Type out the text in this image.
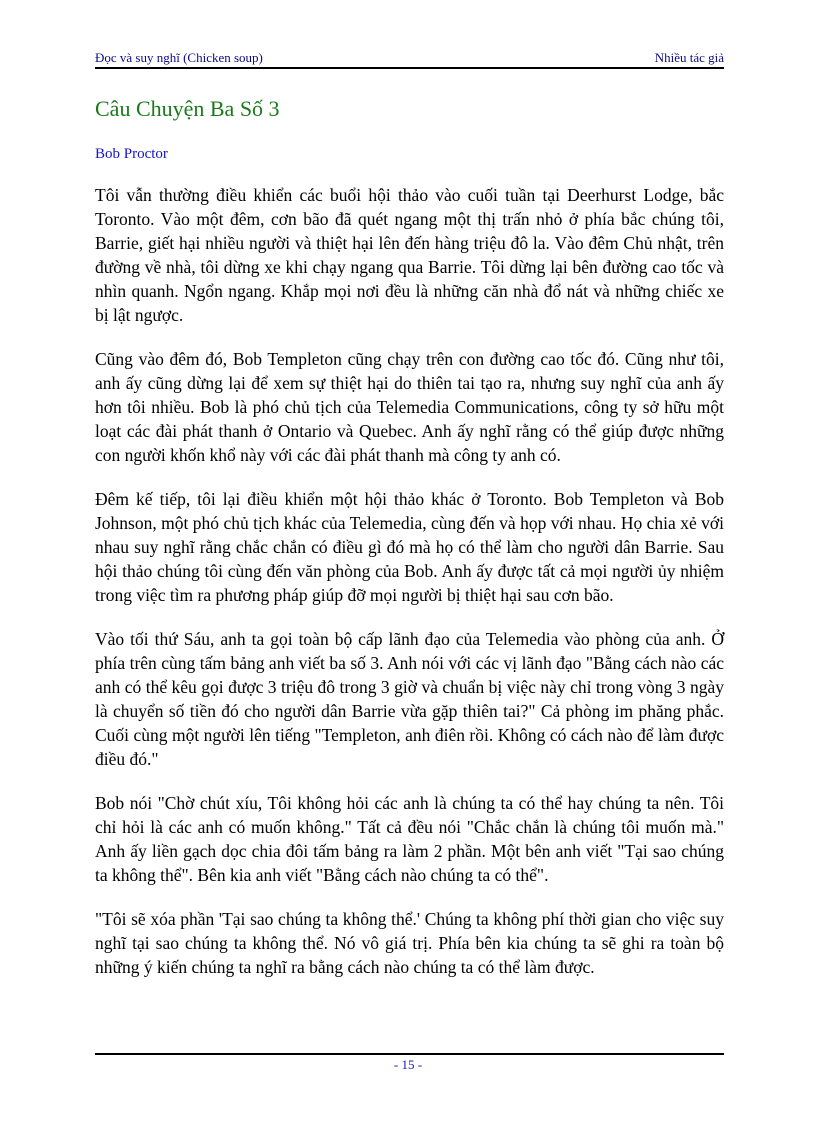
Đọc và suy nghĩ (Chicken soup)	Nhiều tác giả
Câu Chuyện Ba Số 3

Bob Proctor

Tôi vẫn thường điều khiển các buổi hội thảo vào cuối tuần tại Deerhurst Lodge, bắc Toronto. Vào một đêm, cơn bão đã quét ngang một thị trấn nhỏ ở phía bắc chúng tôi, Barrie, giết hại nhiều người và thiệt hại lên đến hàng triệu đô la. Vào đêm Chủ nhật, trên đường về nhà, tôi dừng xe khi chạy ngang qua Barrie. Tôi dừng lại bên đường cao tốc và nhìn quanh. Ngổn ngang. Khắp mọi nơi đều là những căn nhà đổ nát và những chiếc xe bị lật ngược.

Cũng vào đêm đó, Bob Templeton cũng chạy trên con đường cao tốc đó. Cũng như tôi, anh ấy cũng dừng lại để xem sự thiệt hại do thiên tai tạo ra, nhưng suy nghĩ của anh ấy hơn tôi nhiều. Bob là phó chủ tịch của Telemedia Communications, công ty sở hữu một loạt các đài phát thanh ở Ontario và Quebec. Anh ấy nghĩ rằng có thể giúp được những con người khốn khổ này với các đài phát thanh mà công ty anh có.

Đêm kế tiếp, tôi lại điều khiển một hội thảo khác ở Toronto. Bob Templeton và Bob Johnson, một phó chủ tịch khác của Telemedia, cùng đến và họp với nhau. Họ chia xẻ với nhau suy nghĩ rằng chắc chắn có điều gì đó mà họ có thể làm cho người dân Barrie. Sau hội thảo chúng tôi cùng đến văn phòng của Bob. Anh ấy được tất cả mọi người ủy nhiệm trong việc tìm ra phương pháp giúp đỡ mọi người bị thiệt hại sau cơn bão.

Vào tối thứ Sáu, anh ta gọi toàn bộ cấp lãnh đạo của Telemedia vào phòng của anh. Ở phía trên cùng tấm bảng anh viết ba số 3. Anh nói với các vị lãnh đạo "Bằng cách nào các anh có thể kêu gọi được 3 triệu đô trong 3 giờ và chuẩn bị việc này chỉ trong vòng 3 ngày là chuyển số tiền đó cho người dân Barrie vừa gặp thiên tai?" Cả phòng im phăng phắc. Cuối cùng một người lên tiếng "Templeton, anh điên rồi. Không có cách nào để làm được điều đó."

Bob nói "Chờ chút xíu, Tôi không hỏi các anh là chúng ta có thể hay chúng ta nên. Tôi chỉ hỏi là các anh có muốn không." Tất cả đều nói "Chắc chắn là chúng tôi muốn mà." Anh ấy liền gạch dọc chia đôi tấm bảng ra làm 2 phần. Một bên anh viết "Tại sao chúng ta không thể". Bên kia anh viết "Bằng cách nào chúng ta có thể".

"Tôi sẽ xóa phần 'Tại sao chúng ta không thể.' Chúng ta không phí thời gian cho việc suy nghĩ tại sao chúng ta không thể. Nó vô giá trị. Phía bên kia chúng ta sẽ ghi ra toàn bộ những ý kiến chúng ta nghĩ ra bằng cách nào chúng ta có thể làm được.

- 15 -
